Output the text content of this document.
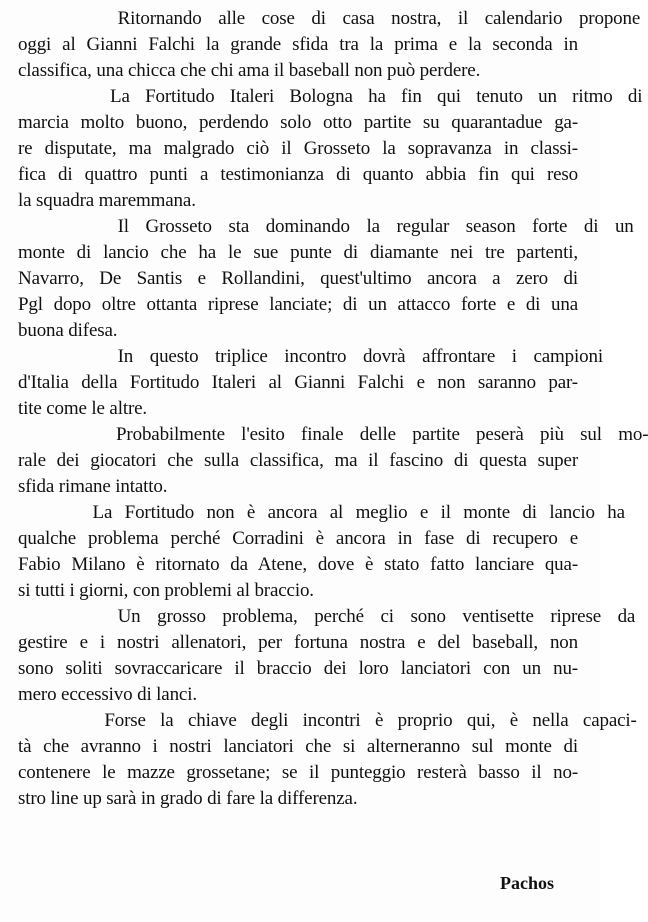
Ritornando alle cose di casa nostra, il calendario propone
oggi al Gianni Falchi la grande sfida tra la prima e la seconda in
classifica, una chicca che chi ama il baseball non può perdere.
La Fortitudo Italeri Bologna ha fin qui tenuto un ritmo di
marcia molto buono, perdendo solo otto partite su quarantadue ga-
re disputate, ma malgrado ciò il Grosseto la sopravanza in classi-
fica di quattro punti a testimonianza di quanto abbia fin qui reso
la squadra maremmana.
Il Grosseto sta dominando la regular season forte di un
monte di lancio che ha le sue punte di diamante nei tre partenti,
Navarro, De Santis e Rollandini, quest'ultimo ancora a zero di
Pgl dopo oltre ottanta riprese lanciate; di un attacco forte e di una
buona difesa.
In questo triplice incontro dovrà affrontare i campioni
d'Italia della Fortitudo Italeri al Gianni Falchi e non saranno par-
tite come le altre.
Probabilmente l'esito finale delle partite peserà più sul mo-
rale dei giocatori che sulla classifica, ma il fascino di questa super
sfida rimane intatto.
La Fortitudo non è ancora al meglio e il monte di lancio ha
qualche problema perché Corradini è ancora in fase di recupero e
Fabio Milano è ritornato da Atene, dove è stato fatto lanciare qua-
si tutti i giorni, con problemi al braccio.
Un grosso problema, perché ci sono ventisette riprese da
gestire e i nostri allenatori, per fortuna nostra e del baseball, non
sono soliti sovraccaricare il braccio dei loro lanciatori con un nu-
mero eccessivo di lanci.
Forse la chiave degli incontri è proprio qui, è nella capaci-
tà che avranno i nostri lanciatori che si alterneranno sul monte di
contenere le mazze grossetane; se il punteggio resterà basso il no-
stro line up sarà in grado di fare la differenza.
Pachos
